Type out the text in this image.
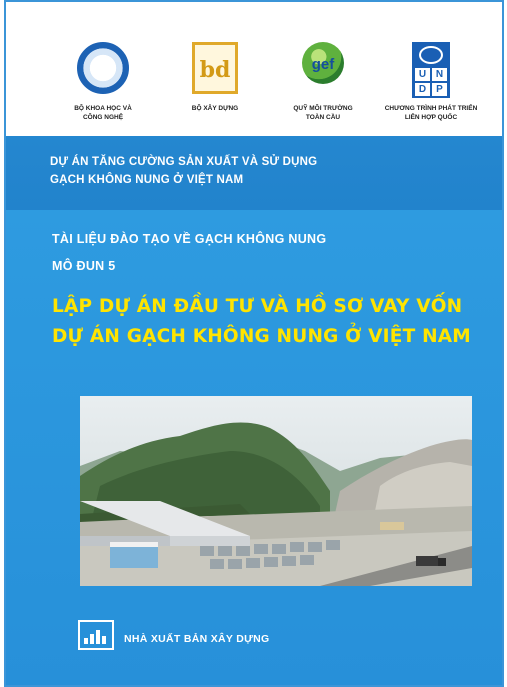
BỘ KHOA HỌC VÀ
CÔNG NGHỆ
bd
BỘ XÂY DỰNG
gef
QUỸ MÔI TRƯỜNG
TOÀN CẦU
U N
D	P
CHƯƠNG TRÌNH PHÁT TRIỂN
LIÊN HỢP QUỐC
DỰ ÁN TĂNG CƯỜNG SẢN XUẤT VÀ SỬ DỤNG
GẠCH KHÔNG NUNG Ở VIỆT NAM
TÀI LIỆU ĐÀO TẠO VỀ GẠCH KHÔNG NUNG
MÔ ĐUN 5
LẬP DỰ ÁN ĐẦU TƯ VÀ HỒ SƠ VAY VỐN
DỰ ÁN GẠCH KHÔNG NUNG Ở VIỆT NAM
NHÀ XUẤT BẢN XÂY DỰNG
